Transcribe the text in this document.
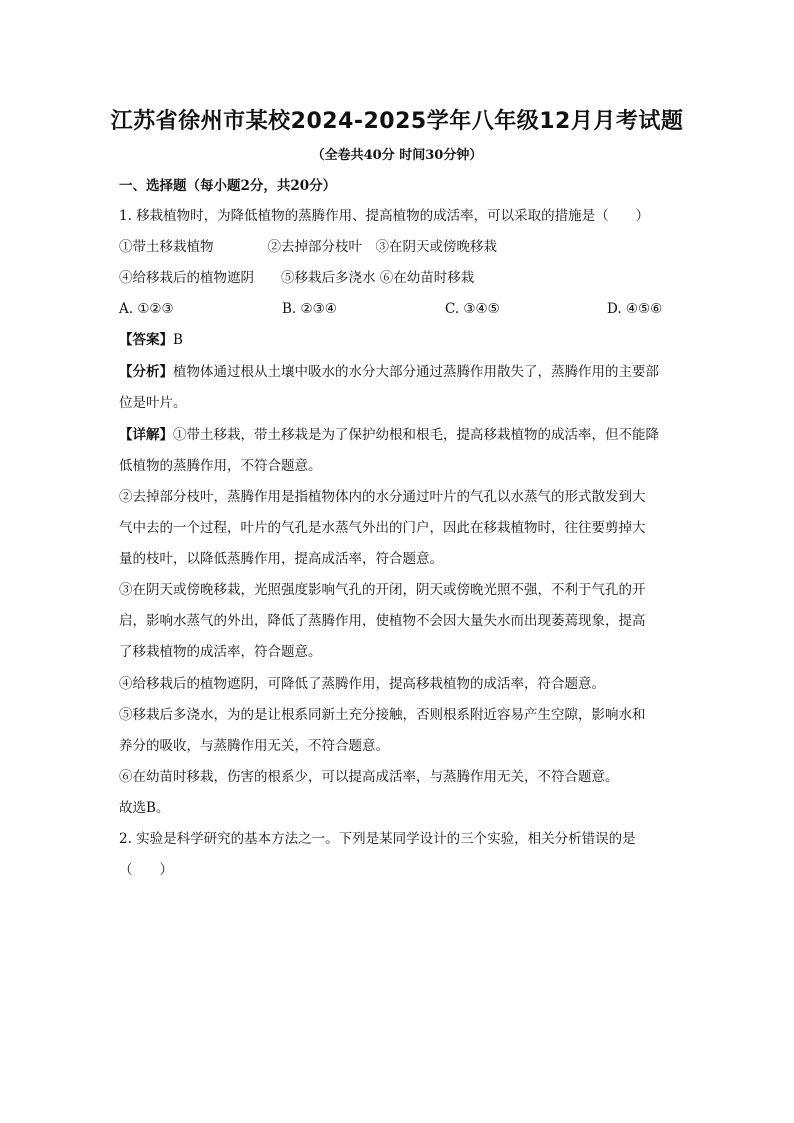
江苏省徐州市某校2024-2025学年八年级12月月考试题
（全卷共40分 时间30分钟）
一、选择题（每小题2分，共20分）
1. 移栽植物时，为降低植物的蒸腾作用、提高植物的成活率，可以采取的措施是（　　）
①带土移栽植物　　　　②去掉部分枝叶　③在阴天或傍晚移栽
④给移栽后的植物遮阴　　⑤移栽后多浇水 ⑥在幼苗时移栽
A. ①②③	B. ②③④	C. ③④⑤	D. ④⑤⑥
【答案】B
【分析】植物体通过根从土壤中吸水的水分大部分通过蒸腾作用散失了，蒸腾作用的主要部
位是叶片。
【详解】①带土移栽，带土移栽是为了保护幼根和根毛，提高移栽植物的成活率，但不能降
低植物的蒸腾作用，不符合题意。
②去掉部分枝叶，蒸腾作用是指植物体内的水分通过叶片的气孔以水蒸气的形式散发到大
气中去的一个过程，叶片的气孔是水蒸气外出的门户，因此在移栽植物时，往往要剪掉大
量的枝叶，以降低蒸腾作用，提高成活率，符合题意。
③在阴天或傍晚移栽，光照强度影响气孔的开闭，阴天或傍晚光照不强，不利于气孔的开
启，影响水蒸气的外出，降低了蒸腾作用，使植物不会因大量失水而出现萎蔫现象，提高
了移栽植物的成活率，符合题意。
④给移栽后的植物遮阴，可降低了蒸腾作用，提高移栽植物的成活率，符合题意。
⑤移栽后多浇水，为的是让根系同新土充分接触，否则根系附近容易产生空隙，影响水和
养分的吸收，与蒸腾作用无关，不符合题意。
⑥在幼苗时移栽，伤害的根系少，可以提高成活率，与蒸腾作用无关，不符合题意。
故选B。
2. 实验是科学研究的基本方法之一。下列是某同学设计的三个实验，相关分析错误的是
（　　）
